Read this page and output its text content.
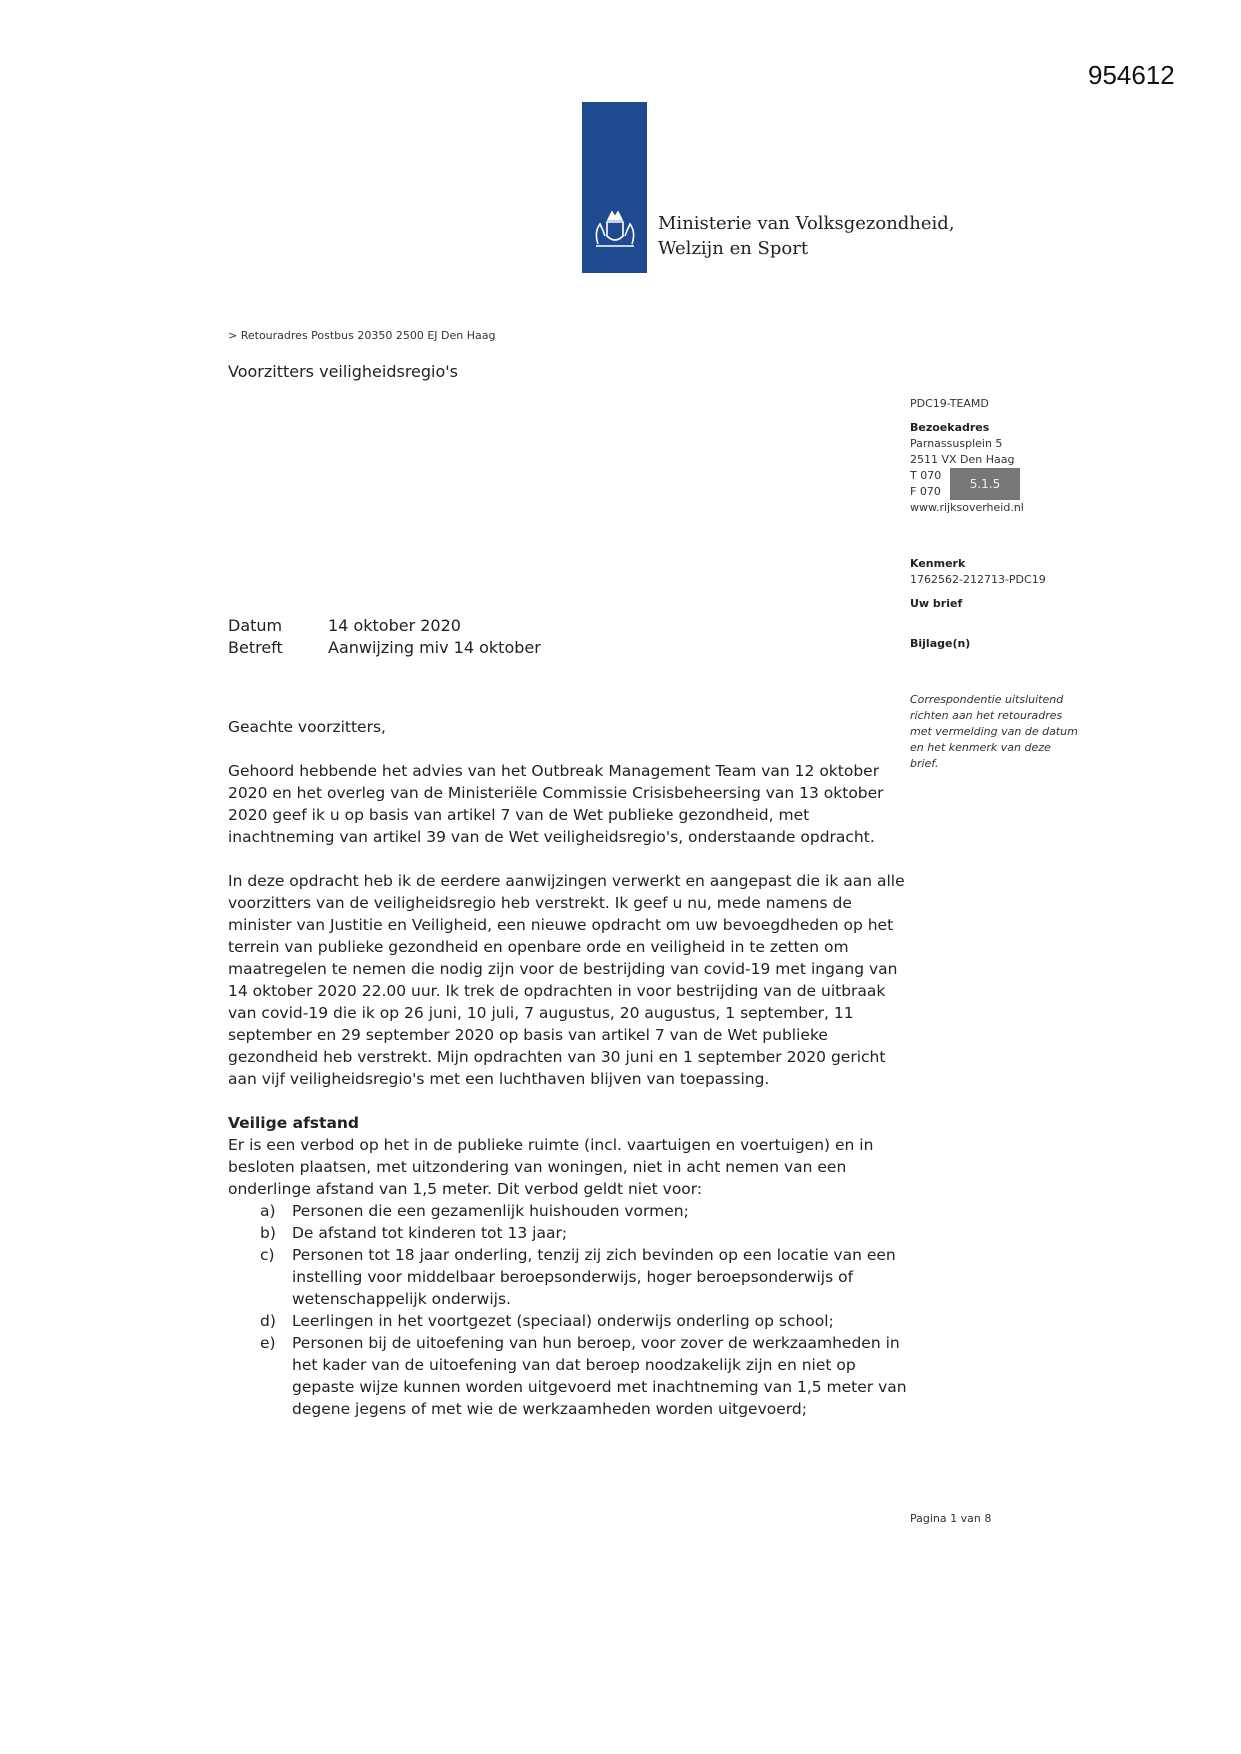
954612
Ministerie van Volksgezondheid,
Welzijn en Sport
> Retouradres Postbus 20350 2500 EJ Den Haag
Voorzitters veiligheidsregio's
PDC19-TEAMD
Bezoekadres
Parnassusplein 5
2511 VX Den Haag
T 070
F 070
www.rijksoverheid.nl
5.1.5
Kenmerk
1762562-212713-PDC19
Uw brief
Bijlage(n)
Correspondentie uitsluitend richten aan het retouradres met vermelding van de datum en het kenmerk van deze brief.
Datum	14 oktober 2020
Betreft	Aanwijzing miv 14 oktober

Geachte voorzitters,

Gehoord hebbende het advies van het Outbreak Management Team van 12 oktober 2020 en het overleg van de Ministeriële Commissie Crisisbeheersing van 13 oktober 2020 geef ik u op basis van artikel 7 van de Wet publieke gezondheid, met inachtneming van artikel 39 van de Wet veiligheidsregio's, onderstaande opdracht.

In deze opdracht heb ik de eerdere aanwijzingen verwerkt en aangepast die ik aan alle voorzitters van de veiligheidsregio heb verstrekt. Ik geef u nu, mede namens de minister van Justitie en Veiligheid, een nieuwe opdracht om uw bevoegdheden op het terrein van publieke gezondheid en openbare orde en veiligheid in te zetten om maatregelen te nemen die nodig zijn voor de bestrijding van covid-19 met ingang van 14 oktober 2020 22.00 uur. Ik trek de opdrachten in voor bestrijding van de uitbraak van covid-19 die ik op 26 juni, 10 juli, 7 augustus, 20 augustus, 1 september, 11 september en 29 september 2020 op basis van artikel 7 van de Wet publieke gezondheid heb verstrekt. Mijn opdrachten van 30 juni en 1 september 2020 gericht aan vijf veiligheidsregio's met een luchthaven blijven van toepassing.

Veilige afstand
Er is een verbod op het in de publieke ruimte (incl. vaartuigen en voertuigen) en in besloten plaatsen, met uitzondering van woningen, niet in acht nemen van een onderlinge afstand van 1,5 meter. Dit verbod geldt niet voor:
a)	Personen die een gezamenlijk huishouden vormen;
b)	De afstand tot kinderen tot 13 jaar;
c)	Personen tot 18 jaar onderling, tenzij zij zich bevinden op een locatie van een instelling voor middelbaar beroepsonderwijs, hoger beroepsonderwijs of wetenschappelijk onderwijs.
d)	Leerlingen in het voortgezet (speciaal) onderwijs onderling op school;
e)	Personen bij de uitoefening van hun beroep, voor zover de werkzaamheden in het kader van de uitoefening van dat beroep noodzakelijk zijn en niet op gepaste wijze kunnen worden uitgevoerd met inachtneming van 1,5 meter van degene jegens of met wie de werkzaamheden worden uitgevoerd;
Pagina 1 van 8
